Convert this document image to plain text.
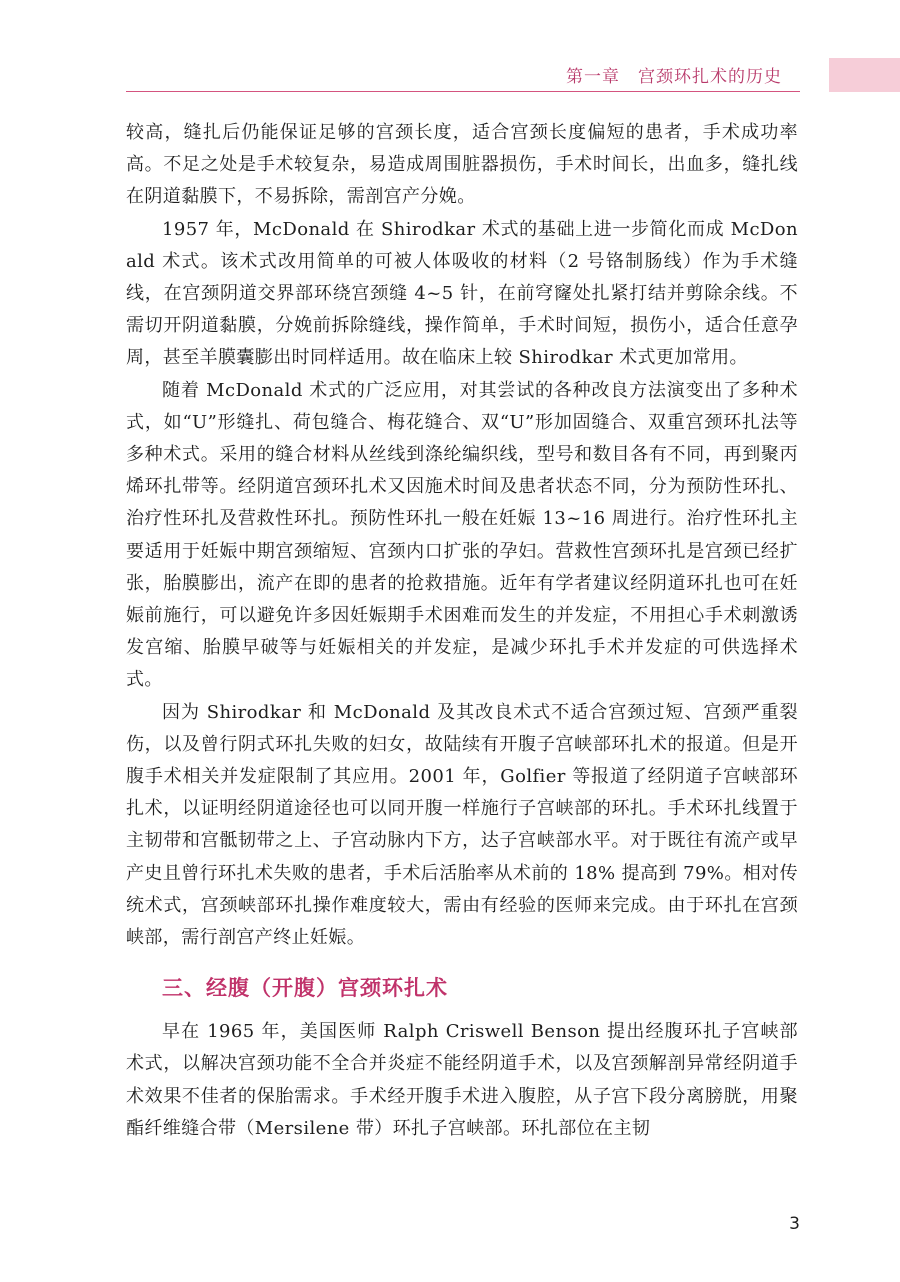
第一章　宫颈环扎术的历史

较高，缝扎后仍能保证足够的宫颈长度，适合宫颈长度偏短的患者，手术成功率高。不足之处是手术较复杂，易造成周围脏器损伤，手术时间长，出血多，缝扎线在阴道黏膜下，不易拆除，需剖宫产分娩。

1957 年，McDonald 在 Shirodkar 术式的基础上进一步简化而成 McDonald 术式。该术式改用简单的可被人体吸收的材料（2 号铬制肠线）作为手术缝线，在宫颈阴道交界部环绕宫颈缝 4~5 针，在前穹窿处扎紧打结并剪除余线。不需切开阴道黏膜，分娩前拆除缝线，操作简单，手术时间短，损伤小，适合任意孕周，甚至羊膜囊膨出时同样适用。故在临床上较 Shirodkar 术式更加常用。

随着 McDonald 术式的广泛应用，对其尝试的各种改良方法演变出了多种术式，如“U”形缝扎、荷包缝合、梅花缝合、双“U”形加固缝合、双重宫颈环扎法等多种术式。采用的缝合材料从丝线到涤纶编织线，型号和数目各有不同，再到聚丙烯环扎带等。经阴道宫颈环扎术又因施术时间及患者状态不同，分为预防性环扎、治疗性环扎及营救性环扎。预防性环扎一般在妊娠 13~16 周进行。治疗性环扎主要适用于妊娠中期宫颈缩短、宫颈内口扩张的孕妇。营救性宫颈环扎是宫颈已经扩张，胎膜膨出，流产在即的患者的抢救措施。近年有学者建议经阴道环扎也可在妊娠前施行，可以避免许多因妊娠期手术困难而发生的并发症，不用担心手术刺激诱发宫缩、胎膜早破等与妊娠相关的并发症，是减少环扎手术并发症的可供选择术式。

因为 Shirodkar 和 McDonald 及其改良术式不适合宫颈过短、宫颈严重裂伤，以及曾行阴式环扎失败的妇女，故陆续有开腹子宫峡部环扎术的报道。但是开腹手术相关并发症限制了其应用。2001 年，Golfier 等报道了经阴道子宫峡部环扎术，以证明经阴道途径也可以同开腹一样施行子宫峡部的环扎。手术环扎线置于主韧带和宫骶韧带之上、子宫动脉内下方，达子宫峡部水平。对于既往有流产或早产史且曾行环扎术失败的患者，手术后活胎率从术前的 18% 提高到 79%。相对传统术式，宫颈峡部环扎操作难度较大，需由有经验的医师来完成。由于环扎在宫颈峡部，需行剖宫产终止妊娠。

三、经腹（开腹）宫颈环扎术

早在 1965 年，美国医师 Ralph Criswell Benson 提出经腹环扎子宫峡部术式，以解决宫颈功能不全合并炎症不能经阴道手术，以及宫颈解剖异常经阴道手术效果不佳者的保胎需求。手术经开腹手术进入腹腔，从子宫下段分离膀胱，用聚酯纤维缝合带（Mersilene 带）环扎子宫峡部。环扎部位在主韧

3
